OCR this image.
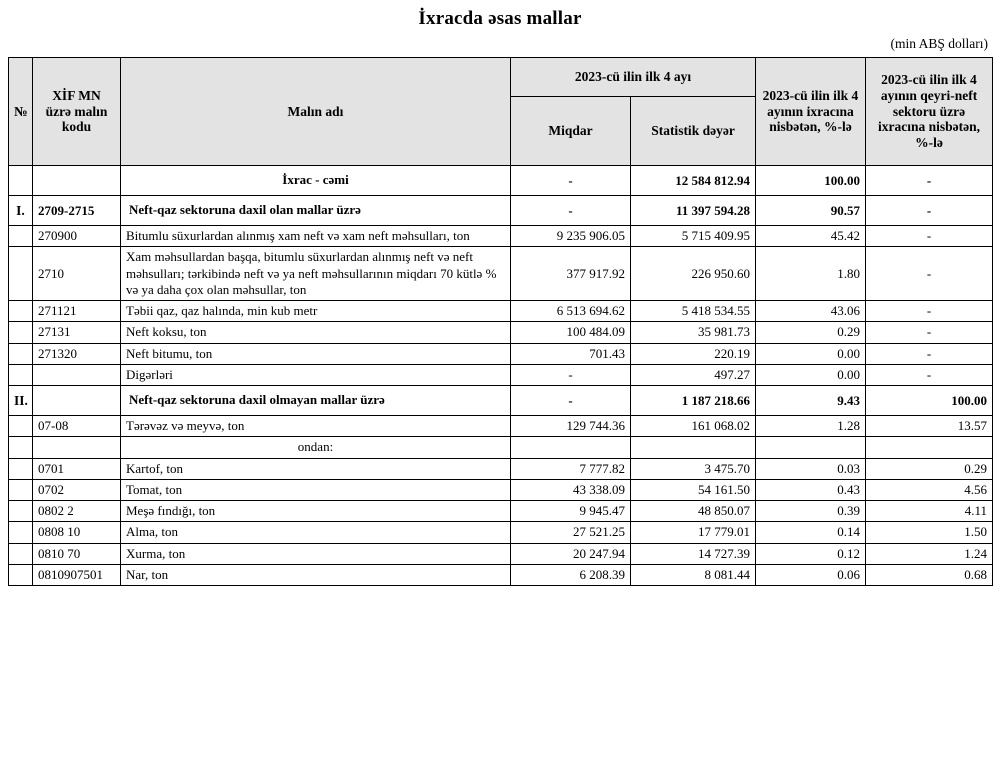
İxracda əsas mallar
(min ABŞ dolları)
№	XİF MN üzrə malın kodu	Malın adı	2023-cü ilin ilk 4 ayı		2023-cü ilin ilk 4 ayının ixracına nisbətən, %-lə	2023-cü ilin ilk 4 ayının qeyri-neft sektoru üzrə ixracına nisbətən, %-lə
			Miqdar	Statistik dəyər		
		İxrac - cəmi	-	12 584 812.94	100.00	-
I.	2709-2715	Neft-qaz sektoruna daxil olan mallar üzrə	-	11 397 594.28	90.57	-
	270900	Bitumlu süxurlardan alınmış xam neft və xam neft məhsulları, ton	9 235 906.05	5 715 409.95	45.42	-
	2710	Xam məhsullardan başqa, bitumlu süxurlardan alınmış neft və neft məhsulları; tərkibində neft və ya neft məhsullarının miqdarı 70 kütlə % və ya daha çox olan məhsullar, ton	377 917.92	226 950.60	1.80	-
	271121	Təbii qaz, qaz halında, min kub metr	6 513 694.62	5 418 534.55	43.06	-
	27131	Neft koksu, ton	100 484.09	35 981.73	0.29	-
	271320	Neft bitumu, ton	701.43	220.19	0.00	-
		Digərləri	-	497.27	0.00	-
II.		Neft-qaz sektoruna daxil olmayan mallar üzrə	-	1 187 218.66	9.43	100.00
	07-08	Tərəvəz və meyvə, ton	129 744.36	161 068.02	1.28	13.57
		ondan:				
	0701	Kartof, ton	7 777.82	3 475.70	0.03	0.29
	0702	Tomat, ton	43 338.09	54 161.50	0.43	4.56
	0802 2	Meşə fındığı, ton	9 945.47	48 850.07	0.39	4.11
	0808 10	Alma, ton	27 521.25	17 779.01	0.14	1.50
	0810 70	Xurma, ton	20 247.94	14 727.39	0.12	1.24
	0810907501	Nar, ton	6 208.39	8 081.44	0.06	0.68
